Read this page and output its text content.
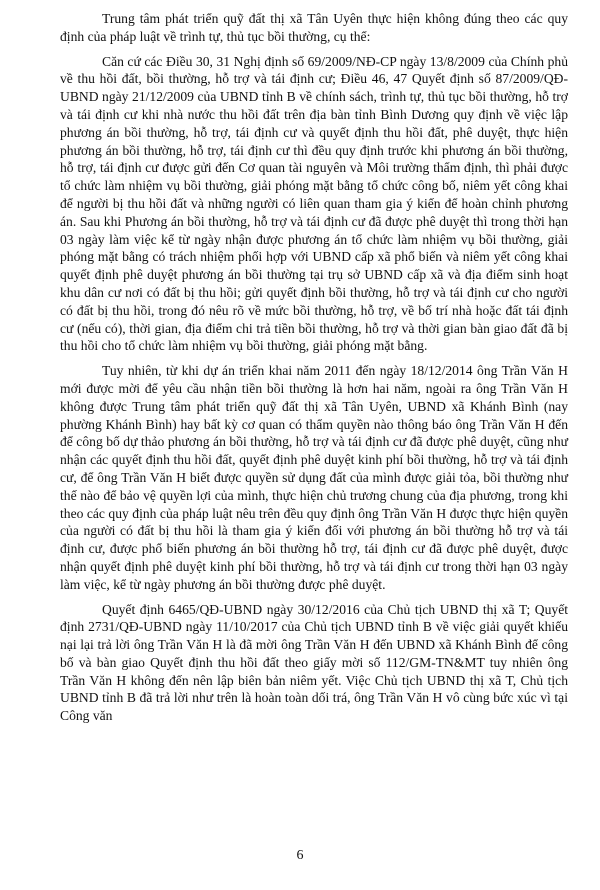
Trung tâm phát triển quỹ đất thị xã Tân Uyên thực hiện không đúng theo các quy định của pháp luật về trình tự, thủ tục bồi thường, cụ thể:

Căn cứ các Điều 30, 31 Nghị định số 69/2009/NĐ-CP ngày 13/8/2009 của Chính phủ về thu hồi đất, bồi thường, hỗ trợ và tái định cư; Điều 46, 47 Quyết định số 87/2009/QĐ-UBND ngày 21/12/2009 của UBND tỉnh B về chính sách, trình tự, thủ tục bồi thường, hỗ trợ và tái định cư khi nhà nước thu hồi đất trên địa bàn tỉnh Bình Dương quy định về việc lập phương án bồi thường, hỗ trợ, tái định cư và quyết định thu hồi đất, phê duyệt, thực hiện phương án bồi thường, hỗ trợ, tái định cư thì đều quy định trước khi phương án bồi thường, hỗ trợ, tái định cư được gửi đến Cơ quan tài nguyên và Môi trường thẩm định, thì phải được tổ chức làm nhiệm vụ bồi thường, giải phóng mặt bằng tổ chức công bố, niêm yết công khai để người bị thu hồi đất và những người có liên quan tham gia ý kiến để hoàn chỉnh phương án. Sau khi Phương án bồi thường, hỗ trợ và tái định cư đã được phê duyệt thì trong thời hạn 03 ngày làm việc kể từ ngày nhận được phương án tổ chức làm nhiệm vụ bồi thường, giải phóng mặt bằng có trách nhiệm phối hợp với UBND cấp xã phổ biến và niêm yết công khai quyết định phê duyệt phương án bồi thường tại trụ sở UBND cấp xã và địa điểm sinh hoạt khu dân cư nơi có đất bị thu hồi; gửi quyết định bồi thường, hỗ trợ và tái định cư cho người có đất bị thu hồi, trong đó nêu rõ về mức bồi thường, hỗ trợ, về bố trí nhà hoặc đất tái định cư (nếu có), thời gian, địa điểm chi trả tiền bồi thường, hỗ trợ và thời gian bàn giao đất đã bị thu hồi cho tổ chức làm nhiệm vụ bồi thường, giải phóng mặt bằng.

Tuy nhiên, từ khi dự án triển khai năm 2011 đến ngày 18/12/2014 ông Trần Văn H mới được mời để yêu cầu nhận tiền bồi thường là hơn hai năm, ngoài ra ông Trần Văn H không được Trung tâm phát triển quỹ đất thị xã Tân Uyên, UBND xã Khánh Bình (nay phường Khánh Bình) hay bất kỳ cơ quan có thẩm quyền nào thông báo ông Trần Văn H đến để công bố dự thảo phương án bồi thường, hỗ trợ và tái định cư đã được phê duyệt, cũng như nhận các quyết định thu hồi đất, quyết định phê duyệt kinh phí bồi thường, hỗ trợ và tái định cư, để ông Trần Văn H biết được quyền sử dụng đất của mình được giải tỏa, bồi thường như thế nào để bảo vệ quyền lợi của mình, thực hiện chủ trương chung của địa phương, trong khi theo các quy định của pháp luật nêu trên đều quy định ông Trần Văn H được thực hiện quyền của người có đất bị thu hồi là tham gia ý kiến đối với phương án bồi thường hỗ trợ và tái định cư, được phổ biến phương án bồi thường hỗ trợ, tái định cư đã được phê duyệt, được nhận quyết định phê duyệt kinh phí bồi thường, hỗ trợ và tái định cư trong thời hạn 03 ngày làm việc, kể từ ngày phương án bồi thường được phê duyệt.

Quyết định 6465/QĐ-UBND ngày 30/12/2016 của Chủ tịch UBND thị xã T; Quyết định 2731/QĐ-UBND ngày 11/10/2017 của Chủ tịch UBND tỉnh B về việc giải quyết khiếu nại lại trả lời ông Trần Văn H là đã mời ông Trần Văn H đến UBND xã Khánh Bình để công bố và bàn giao Quyết định thu hồi đất theo giấy mời số 112/GM-TN&MT tuy nhiên ông Trần Văn H không đến nên lập biên bản niêm yết. Việc Chủ tịch UBND thị xã T, Chủ tịch UBND tỉnh B đã trả lời như trên là hoàn toàn dối trá, ông Trần Văn H vô cùng bức xúc vì tại Công văn

6
